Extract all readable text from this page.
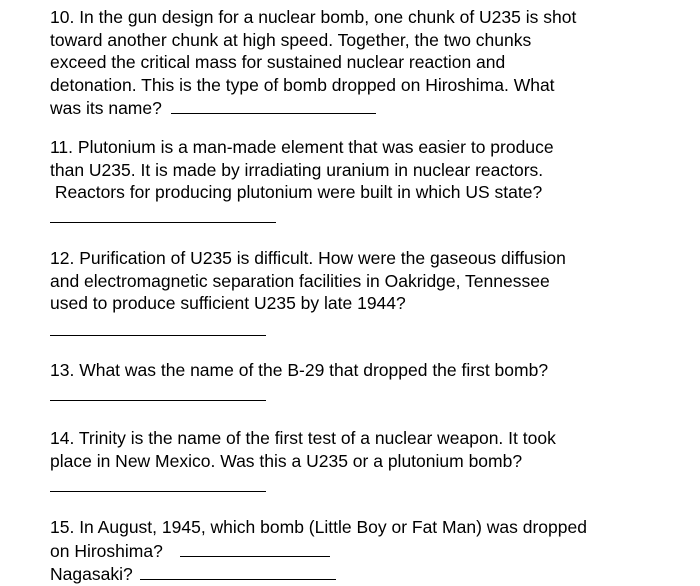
10. In the gun design for a nuclear bomb, one chunk of U235 is shot
toward another chunk at high speed. Together, the two chunks
exceed the critical mass for sustained nuclear reaction and
detonation. This is the type of bomb dropped on Hiroshima. What
was its name?
11. Plutonium is a man-made element that was easier to produce
than U235. It is made by irradiating uranium in nuclear reactors.
Reactors for producing plutonium were built in which US state?
12. Purification of U235 is difficult. How were the gaseous diffusion
and electromagnetic separation facilities in Oakridge, Tennessee
used to produce sufficient U235 by late 1944?
13. What was the name of the B-29 that dropped the first bomb?
14. Trinity is the name of the first test of a nuclear weapon. It took
place in New Mexico. Was this a U235 or a plutonium bomb?
15. In August, 1945, which bomb (Little Boy or Fat Man) was dropped
on Hiroshima?
Nagasaki?
